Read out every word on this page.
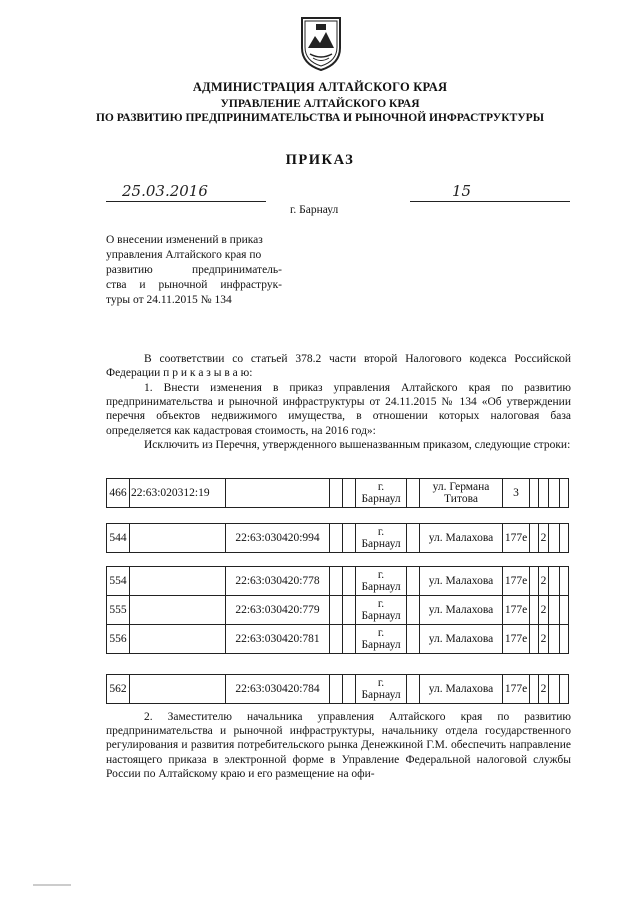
АДМИНИСТРАЦИЯ АЛТАЙСКОГО КРАЯ
УПРАВЛЕНИЕ АЛТАЙСКОГО КРАЯ
ПО РАЗВИТИЮ ПРЕДПРИНИМАТЕЛЬСТВА И РЫНОЧНОЙ ИНФРАСТРУКТУРЫ
ПРИКАЗ
25.03.2016	15
г. Барнаул
О внесении изменений в приказ
управления Алтайского края по
развитию предприниматель-
ства и рыночной инфраструк-
туры от 24.11.2015 № 134
В соответствии со статьей 378.2 части второй Налогового кодекса Российской Федерации п р и к а з ы в а ю:
1. Внести изменения в приказ управления Алтайского края по развитию предпринимательства и рыночной инфраструктуры от 24.11.2015 № 134 «Об утверждении перечня объектов недвижимого имущества, в отношении которых налоговая база определяется как кадастровая стоимость, на 2016 год»:
Исключить из Перечня, утвержденного вышеназванным приказом, следующие строки:
466	22:63:020312:19				г. Барнаул		ул. Германа Титова	3				
544		22:63:030420:994			г. Барнаул		ул. Малахова	177е		2		
554		22:63:030420:778			г. Барнаул		ул. Малахова	177е		2		
555		22:63:030420:779			г. Барнаул		ул. Малахова	177е		2		
556		22:63:030420:781			г. Барнаул		ул. Малахова	177е		2		
562		22:63:030420:784			г. Барнаул		ул. Малахова	177е		2		
2. Заместителю начальника управления Алтайского края по развитию предпринимательства и рыночной инфраструктуры, начальнику отдела государственного регулирования и развития потребительского рынка Денежкиной Г.М. обеспечить направление настоящего приказа в электронной форме в Управление Федеральной налоговой службы России по Алтайскому краю и его размещение на офи-
